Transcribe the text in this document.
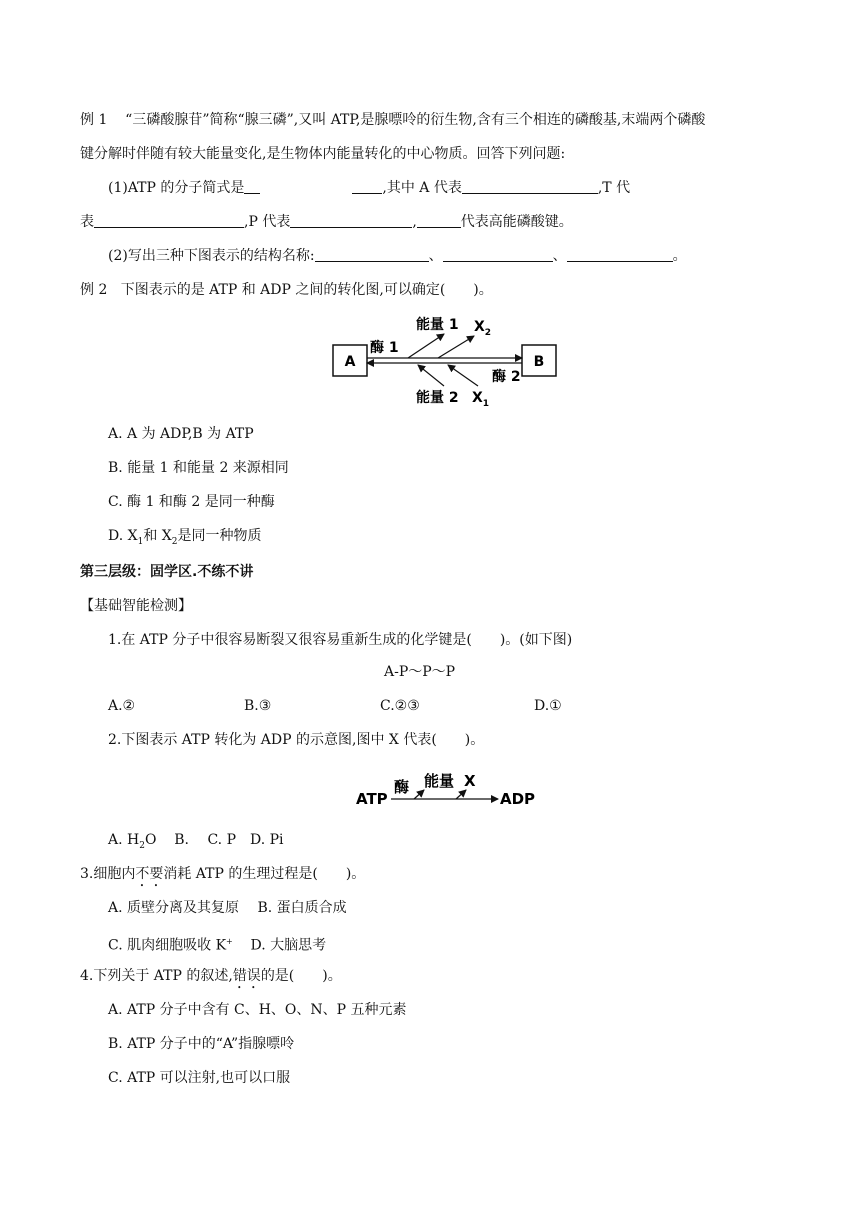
例 1 “三磷酸腺苷”简称“腺三磷”,又叫 ATP,是腺嘌呤的衍生物,含有三个相连的磷酸基,末端两个磷酸
键分解时伴随有较大能量变化,是生物体内能量转化的中心物质。回答下列问题:
(1)ATP 的分子简式是	,其中 A 代表	,T 代
表	,P 代表	,	代表高能磷酸键。
(2)写出三种下图表示的结构名称:	、	、	。
例 2 下图表示的是 ATP 和 ADP 之间的转化图,可以确定(　　)。
A	B
酶 1
能量 1 $X_2$
酶 2
能量 2 $X_1$
A. A 为 ADP,B 为 ATP
B. 能量 1 和能量 2 来源相同
C. 酶 1 和酶 2 是同一种酶
D. $X_1$和 $X_2$是同一种物质
第三层级：固学区.不练不讲
【基础智能检测】
1.在 ATP 分子中很容易断裂又很容易重新生成的化学键是(　　)。(如下图)
A-P～P～P
A.②	B.③	C.②③	D.①
2.下图表示 ATP 转化为 ADP 的示意图,图中 X 代表(　　)。
ATP
酶 能量 X
ADP
A. $H_2O$ B.　 C. P　D. Pi
3.细胞内不要消耗 ATP 的生理过程是(　　)。
A. 质壁分离及其复原　 B. 蛋白质合成
C. 肌肉细胞吸收 K+ D. 大脑思考
4.下列关于 ATP 的叙述,错误的是(　　)。
A. ATP 分子中含有 C、H、O、N、P 五种元素
B. ATP 分子中的“A”指腺嘌呤
C. ATP 可以注射,也可以口服
